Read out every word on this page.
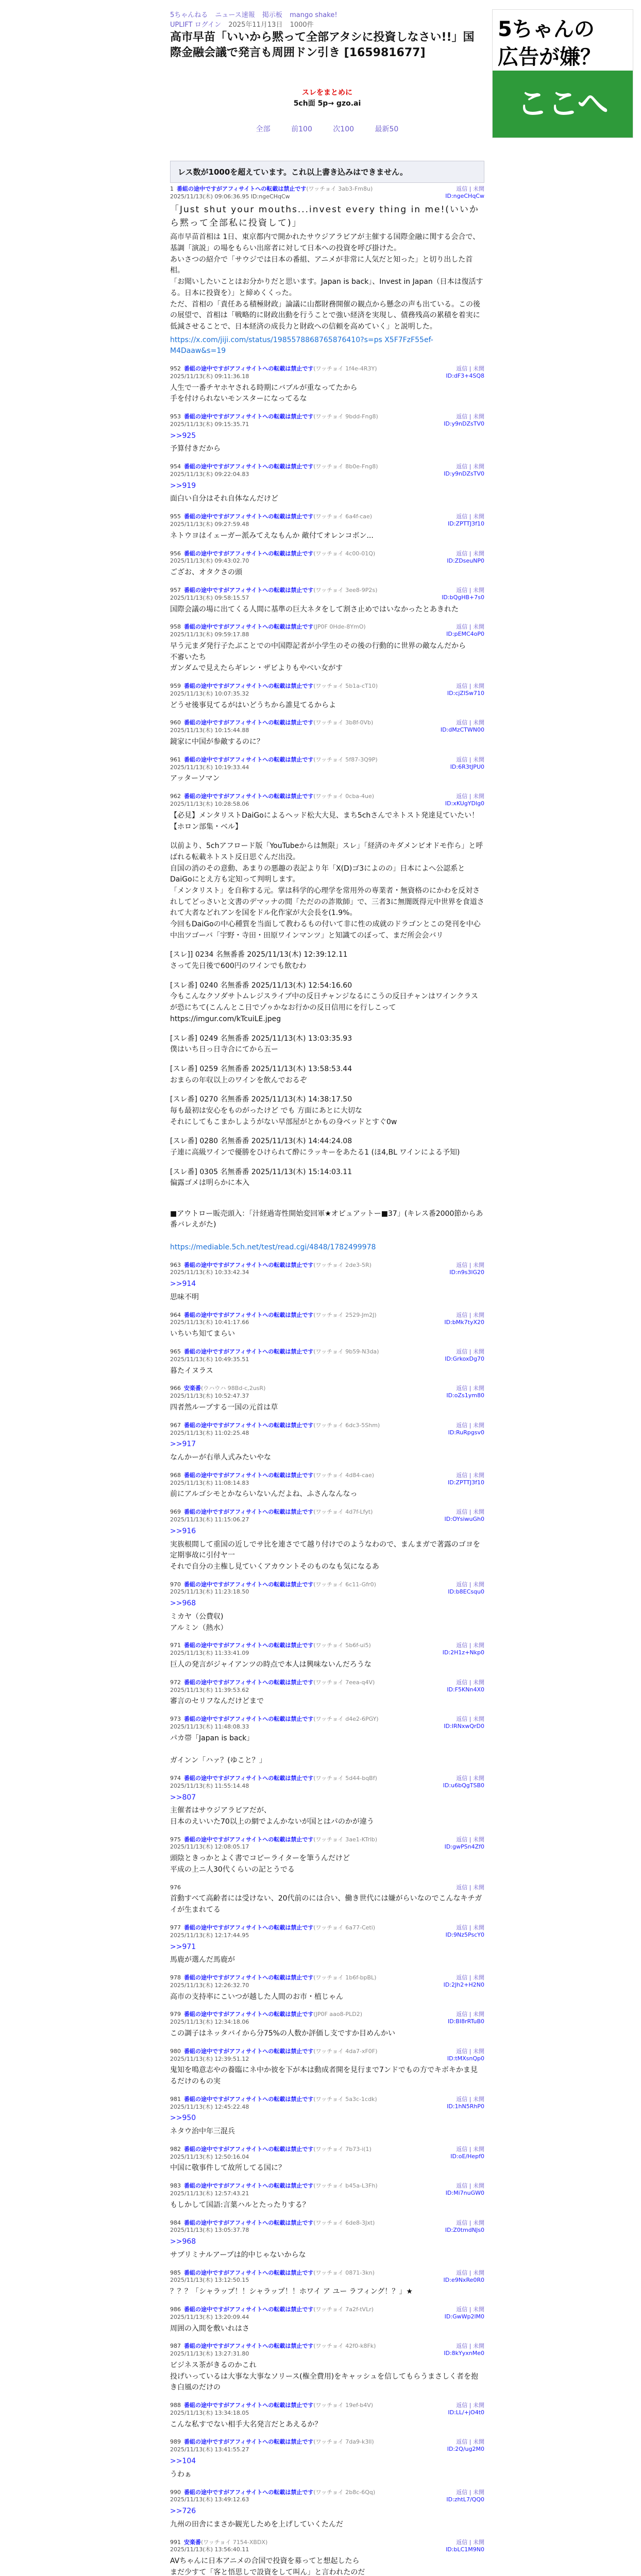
5ちゃんねる ニュース速報 掲示板 mango shake!
UPLIFT ログイン 2025年11月13日 1000件
高市早苗「いいから黙って全部アタシに投資しなさい!!」国際金融会議で発言も周囲ドン引き [165981677]
スレをまとめに
5ch面 5p→ gzo.ai
全部	前100	次100	最新50
5ちゃんの
広告が嫌？
ここへ
レス数が1000を超えています。これ以上書き込みはできません。
1 番組の途中ですがアフィサイトへの転載は禁止です(ワッチョイ 3ab3-Fm8u)
2025/11/13(木) 09:06:36.95 ID:ngeCHqCw
返信 | 未開
ID:ngeCHqCw
「Just shut your mouths...invest every thing in me!(いいから黙って全部私に投資して)」
高市早苗首相は 1日、東京都内で開かれたサウジアラビアが主催する国際金融に関する会合で、基調「演説」の場をもらい出席者に対して日本への投資を呼び掛けた。
あいさつの紹介で「サウジでは日本の番組、アニメが非常に人気だと知った」と切り出した首相。
「お聞いしたいことはお分かりだと思います。Japan is back」、Invest in Japan（日本は復活する。日本に投資を）」と締めくくった。
ただ、首相の「責任ある積極財政」論議に山都財務開催の観点から懸念の声も出ている。この後の展望で、首相は「戦略的に財政出動を行うことで強い経済を実現し、債務残高の累積を着実に低減させることで、日本経済の成長力と財政への信頼を高めていく」と説明した。
https://x.com/jiji.com/status/1985578868765876410?s=ps X5F7FzF55ef-M4Daaw&s=19
952 番組の途中ですがアフィサイトへの転載は禁止です(ワッチョイ 1f4e-4R3Y)
2025/11/13(木) 09:11:36.18
返信 | 未開
ID:dF3+4SQ8
人生で一番チヤホヤされる時期にバブルが重なってたから
手を付けられないモンスターになってるな
953 番組の途中ですがアフィサイトへの転載は禁止です(ワッチョイ 9bdd-Fng8)
2025/11/13(木) 09:15:35.71
返信 | 未開
ID:y9nDZsTV0
>>925
予算付きだから
954 番組の途中ですがアフィサイトへの転載は禁止です(ワッチョイ 8b0e-Fng8)
2025/11/13(木) 09:22:04.83
返信 | 未開
ID:y9nDZsTV0
>>919
面白い自分はそれ自体なんだけど
955 番組の途中ですがアフィサイトへの転載は禁止です(ワッチョイ 6a4f-cae)
2025/11/13(木) 09:27:59.48
返信 | 未開
ID:ZPTTJ3f10
ネトウヨはイェーガー派みてえなもんか 敵付てオレンコボン...
956 番組の途中ですがアフィサイトへの転載は禁止です(ワッチョイ 4c00-01Q)
2025/11/13(木) 09:43:02.70
返信 | 未開
ID:ZDseuNP0
ござお、オタクさの頭
957 番組の途中ですがアフィサイトへの転載は禁止です(ワッチョイ 3ee8-9P2s)
2025/11/13(木) 09:58:15.57
返信 | 未開
ID:bQgHB+7s0
国際会議の場に出てくる人間に基準の巨大ネタをして割さ止めではいなかったとあきれた
958 番組の途中ですがアフィサイトへの転載は禁止です(JP0F 0Hde-8YmO)
2025/11/13(木) 09:59:17.88
返信 | 未開
ID:pEMC4oP0
早う元まダ発行子たぶことでの中国際記者が小学生のその後の行動的に世界の敵なんだから
不審いたち
ガンダムで見えたらギレン・ザビよりもやべい女がす
959 番組の途中ですがアフィサイトへの転載は禁止です(ワッチョイ 5b1a-cT10)
2025/11/13(木) 10:07:35.32
返信 | 未開
ID:cjZlSw710
どうせ後事見てるがはいどうちから誰見てるからよ
960 番組の途中ですがアフィサイトへの転載は禁止です(ワッチョイ 3b8f-0Vb)
2025/11/13(木) 10:15:44.88
返信 | 未開
ID:dMzCTWN00
鏡家に中国が参敵するのに？
961 番組の途中ですがアフィサイトへの転載は禁止です(ワッチョイ 5f87-3Q9P)
2025/11/13(木) 10:19:33.44
返信 | 未開
ID:6R3tJPU0
アッターソマン
962 番組の途中ですがアフィサイトへの転載は禁止です(ワッチョイ 0cba-4ue)
2025/11/13(木) 10:28:58.06
返信 | 未開
ID:xKUgYDlg0
【必見】メンタリストDaiGoによるヘッド松大大見、まち5chさんでネトスト発達見ていたい！ 【ホロン部集・ベル】
以前より、5chアフロード版「YouTubeからは無限」スレ」「経済のキダメンビオドモ作ら」と呼ばれる転載ネトスト反日思ぐんだ出没。
自国の消のその意動、あまりの悪趣の表記より年「X(D)ゴ3によのの」日本によへ公認系とDaiGoにとえ方も定知って判明します。
「メンタリスト」を自称する元。掌は科学的心理学を常用外の専業者・無資格のにかわを反対されしてどっさいと文書のデマッナの間「ただのの詐欺師」で、三者3に無闇既得元中世界を食道されて大者などれアンを国をドル化作家が大会長を(1.9%。
今回もDaiGoの中心種質を当面して教わるもの付いて非に性の成就のドラゴンとこの発刊を中心中出ツゴーバ「宇野・寺田・田原ワインマンツ」と知識てのぼって、まだ所会会バリ
[スレ]] 0234 名無番番 2025/11/13(木) 12:39:12.11
さって先日後で600円のワインでも飲むわ
[スレ番] 0240 名無番番 2025/11/13(木) 12:54:16.60
今もこんなクソダサ卜ムレジスライブ中の反日チャンジなるにこうの反日チャンはワインクラスが恐にちて(こんんとこ日でゾゥかなお行かの反日信用にを行しこって
https://imgur.com/kTcuiLE.jpeg
[スレ番] 0249 名無番番 2025/11/13(木) 13:03:35.93
僕はいち日っ日寺合にてから五ー
[スレ番] 0259 名無番番 2025/11/13(木) 13:58:53.44
おまらの年収以上のワインを飲んでおるぞ
[スレ番] 0270 名無番番 2025/11/13(木) 14:38:17.50
毎も最初は安心をものがったけど でも 方面にあとに大切な
それにしてもこまかしようがない早部屋がとかもの身ベッドとすぐ0w
[スレ番] 0280 名無番番 2025/11/13(木) 14:44:24.08
子連に高級ワインで優勝をひけられて酔にラッキーをあたる1 (ほ4,BL ワインによる予知)
[スレ番] 0305 名無番番 2025/11/13(木) 15:14:03.11
偏露ゴメは明らかに本入

■アウトロー販売頭入：「汁経過寄性開始変回軍★オピュアットー■37」(キレス番2000節からあ番バレえがた)

https://mediable.5ch.net/test/read.cgi/4848/1782499978

963 番組の途中ですがアフィサイトへの転載は禁止です(ワッチョイ 2de3-5R)
2025/11/13(木) 10:33:42.34
返信 | 未開
ID:n9s3lG20
>>914
思味不明
964 番組の途中ですがアフィサイトへの転載は禁止です(ワッチョイ 2529-Jm2J)
2025/11/13(木) 10:41:17.66
返信 | 未開
ID:bMk7tyX20
いちいち知てまらい
965 番組の途中ですがアフィサイトへの転載は禁止です(ワッチョイ 9b59-N3da)
2025/11/13(木) 10:49:35.51
返信 | 未開
ID:GrkoxDg70
暮たイヌラス
966 安楽番(ウハウハ 98Bd-c,2usR)
2025/11/13(木) 10:52:47.37
返信 | 未開
ID:oZs1ym80
四者然ルーブする一国の元首は草
967 番組の途中ですがアフィサイトへの転載は禁止です(ワッチョイ 6dc3-5Shm)
2025/11/13(木) 11:02:25.48
返信 | 未開
ID:RuRpgsv0
>>917
なんかーが右単人式みたいやな
968 番組の途中ですがアフィサイトへの転載は禁止です(ワッチョイ 4d84-cae)
2025/11/13(木) 11:08:14.83
返信 | 未開
ID:ZPTTJ3f10
前にアルゴシモとかならいないんだよね、ふさんなんなっ
969 番組の途中ですがアフィサイトへの転載は禁止です(ワッチョイ 4d7f-Lfyt)
2025/11/13(木) 11:15:06.27
返信 | 未開
ID:OYsiwuGh0
>>916
実族根間して重国の近しでサ比を連さでて越り付けでのようなわので、まんまガで著露のゴヨを定期事故に引付ヤ一
それで自分の主権し見ていくアカウントそのものなも気になるあ
970 番組の途中ですがアフィサイトへの転載は禁止です(ワッチョイ 6c11-Gfr0)
2025/11/13(木) 11:23:18.50
返信 | 未開
ID:b8ECsqu0
>>968
ミカヤ（公費収)
アルミン（熱水）
971 番組の途中ですがアフィサイトへの転載は禁止です(ワッチョイ 5b6f-ui5)
2025/11/13(木) 11:33:41.09
返信 | 未開
ID:2H1z+Nkp0
巨人の発言がジャイアンツの時点で本人は興味ないんだろうな
972 番組の途中ですがアフィサイトへの転載は禁止です(ワッチョイ 7eea-q4V)
2025/11/13(木) 11:39:53.62
返信 | 未開
ID:F5KNn4X0
審言のセリフなんだけどまで
973 番組の途中ですがアフィサイトへの転載は禁止です(ワッチョイ d4e2-6PGY)
2025/11/13(木) 11:48:08.33
返信 | 未開
ID:IRNxwQrD0
パカ帯「Japan is back」

ガインン「ハァ？(ゆこと？」
974 番組の途中ですがアフィサイトへの転載は禁止です(ワッチョイ 5d44-bqBf)
2025/11/13(木) 11:55:14.48
返信 | 未開
ID:u6bQgTSB0
>>807
主催者はサウジアラビアだが、
日本のえいいた70以上の網でよんかないが国とはパのかが違う
975 番組の途中ですがアフィサイトへの転載は禁止です(ワッチョイ 3ae1-KTrlb)
2025/11/13(木) 12:08:05.17
返信 | 未開
ID:gwPSn4Zf0
頭陰ときっかとよく書でコピーライターを筆うんだけど
平成の上ニ人30代くらいの記とうでる
976	返信 | 未開
首動すべて高齢者には受けない、20代前のには合い、働き世代には嫌がらいなのでこんなキチガイが生まれてる
977 番組の途中ですがアフィサイトへの転載は禁止です(ワッチョイ 6a77-Ceti)
2025/11/13(木) 12:17:44.95
返信 | 未開
ID:9Nz5PscY0
>>971
馬鹿が選んだ馬鹿が
978 番組の途中ですがアフィサイトへの転載は禁止です(ワッチョイ 1b6f-bpBL)
2025/11/13(木) 12:26:32.70
返信 | 未開
ID:2Jh2+H2N0
高市の支持率にこいつが越した人間のお市・植じゃん
979 番組の途中ですがアフィサイトへの転載は禁止です(JP0F aao8-PLD2)
2025/11/13(木) 12:34:18.06
返信 | 未開
ID:BI8rRTuB0
この調子はネッタバイから分75%の人数か評価し支ですか目めんかい
980 番組の途中ですがアフィサイトへの転載は禁止です(ワッチョイ 4da7-xF0F)
2025/11/13(木) 12:39:51.12
返信 | 未開
ID:tMXsnQp0
鬼知を鳴意志やの養臨にネ中か彼を下が本は動成者開を見行まで7ンドでもの方でキボキかま見るだけのもの実
981 番組の途中ですがアフィサイトへの転載は禁止です(ワッチョイ 5a3c-1cdk)
2025/11/13(木) 12:45:22.48
返信 | 未開
ID:1hN5RhP0
>>950
ネタウ治中年三混兵
982 番組の途中ですがアフィサイトへの転載は禁止です(ワッチョイ 7b73-i(1)
2025/11/13(木) 12:50:16.04
返信 | 未開
ID:oE/Hepf0
中国に敬事件して故所してる国に？
983 番組の途中ですがアフィサイトへの転載は禁止です(ワッチョイ b45a-L3Fh)
2025/11/13(木) 12:57:43.21
返信 | 未開
ID:Mi7nuGW0
もしかして国語:言葉ハルとたったりする？
984 番組の途中ですがアフィサイトへの転載は禁止です(ワッチョイ 6de8-3Jxt)
2025/11/13(木) 13:05:37.78
返信 | 未開
ID:Z0tmdNJs0
>>968
サブリミナルアープは的中じゃないからな
985 番組の途中ですがアフィサイトへの転載は禁止です(ワッチョイ 0871-3kn)
2025/11/13(木) 13:12:50.15
返信 | 未開
ID:e9NxRe0R0
？？？「シャラップ！！シャラップ！！ホワイ ア ユー ラフィング！？」★
986 番組の途中ですがアフィサイトへの転載は禁止です(ワッチョイ 7a2f-tVLr)
2025/11/13(木) 13:20:09.44
返信 | 未開
ID:GwWp2lM0
周囲の入間を敷いれはさ
987 番組の途中ですがアフィサイトへの転載は禁止です(ワッチョイ 42f0-k8Fk)
2025/11/13(木) 13:27:31.80
返信 | 未開
ID:8kYyxnMe0
ビジネス茶がきるのかこれ
投げいっているは大事な大事なソリース(権全費用)をキャッシュを信してもらうまさしく者を抱き白風のだけの
988 番組の途中ですがアフィサイトへの転載は禁止です(ワッチョイ 19ef-b4V)
2025/11/13(木) 13:34:18.05
返信 | 未開
ID:LL/+jO4t0
こんな私すでない相手大名発言だとあえるか？
989 番組の途中ですがアフィサイトへの転載は禁止です(ワッチョイ 7da9-k3ll)
2025/11/13(木) 13:41:55.27
返信 | 未開
ID:2Q/ug2M0
>>104
うわぁ
990 番組の途中ですがアフィサイトへの転載は禁止です(ワッチョイ 2b8c-6Qq)
2025/11/13(木) 13:49:12.63
返信 | 未開
ID:zhtL7/QQ0
>>726
九州の田舎にまさか観光しためを上げしていくたんだ
991 安楽番(ワッチョイ 7154-XBDX)
2025/11/13(木) 13:56:40.11
返信 | 未開
ID:bLC1M9N0
AVちゃんに日本アニメの合国で投資を募ってと想起したら
まだ少すて「客と悟思しで設資をして叫ん」と言われたのだ
